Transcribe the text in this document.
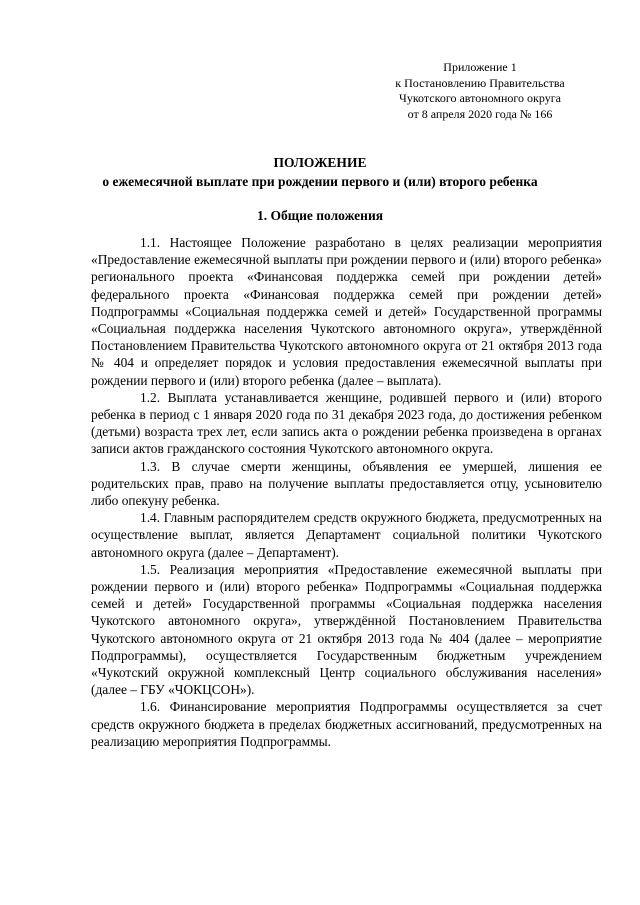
Приложение 1
к Постановлению Правительства
Чукотского автономного округа
от 8 апреля 2020 года № 166
ПОЛОЖЕНИЕ
о ежемесячной выплате при рождении первого и (или) второго ребенка
1. Общие положения

1.1. Настоящее Положение разработано в целях реализации мероприятия «Предоставление ежемесячной выплаты при рождении первого и (или) второго ребенка» регионального проекта «Финансовая поддержка семей при рождении детей» федерального проекта «Финансовая поддержка семей при рождении детей» Подпрограммы «Социальная поддержка семей и детей» Государственной программы «Социальная поддержка населения Чукотского автономного округа», утверждённой Постановлением Правительства Чукотского автономного округа от 21 октября 2013 года № 404 и определяет порядок и условия предоставления ежемесячной выплаты при рождении первого и (или) второго ребенка (далее – выплата).

1.2. Выплата устанавливается женщине, родившей первого и (или) второго ребенка в период с 1 января 2020 года по 31 декабря 2023 года, до достижения ребенком (детьми) возраста трех лет, если запись акта о рождении ребенка произведена в органах записи актов гражданского состояния Чукотского автономного округа.

1.3. В случае смерти женщины, объявления ее умершей, лишения ее родительских прав, право на получение выплаты предоставляется отцу, усыновителю либо опекуну ребенка.

1.4. Главным распорядителем средств окружного бюджета, предусмотренных на осуществление выплат, является Департамент социальной политики Чукотского автономного округа (далее – Департамент).

1.5. Реализация мероприятия «Предоставление ежемесячной выплаты при рождении первого и (или) второго ребенка» Подпрограммы «Социальная поддержка семей и детей» Государственной программы «Социальная поддержка населения Чукотского автономного округа», утверждённой Постановлением Правительства Чукотского автономного округа от 21 октября 2013 года № 404 (далее – мероприятие Подпрограммы), осуществляется Государственным бюджетным учреждением «Чукотский окружной комплексный Центр социального обслуживания населения» (далее – ГБУ «ЧОКЦСОН»).

1.6. Финансирование мероприятия Подпрограммы осуществляется за счет средств окружного бюджета в пределах бюджетных ассигнований, предусмотренных на реализацию мероприятия Подпрограммы.
